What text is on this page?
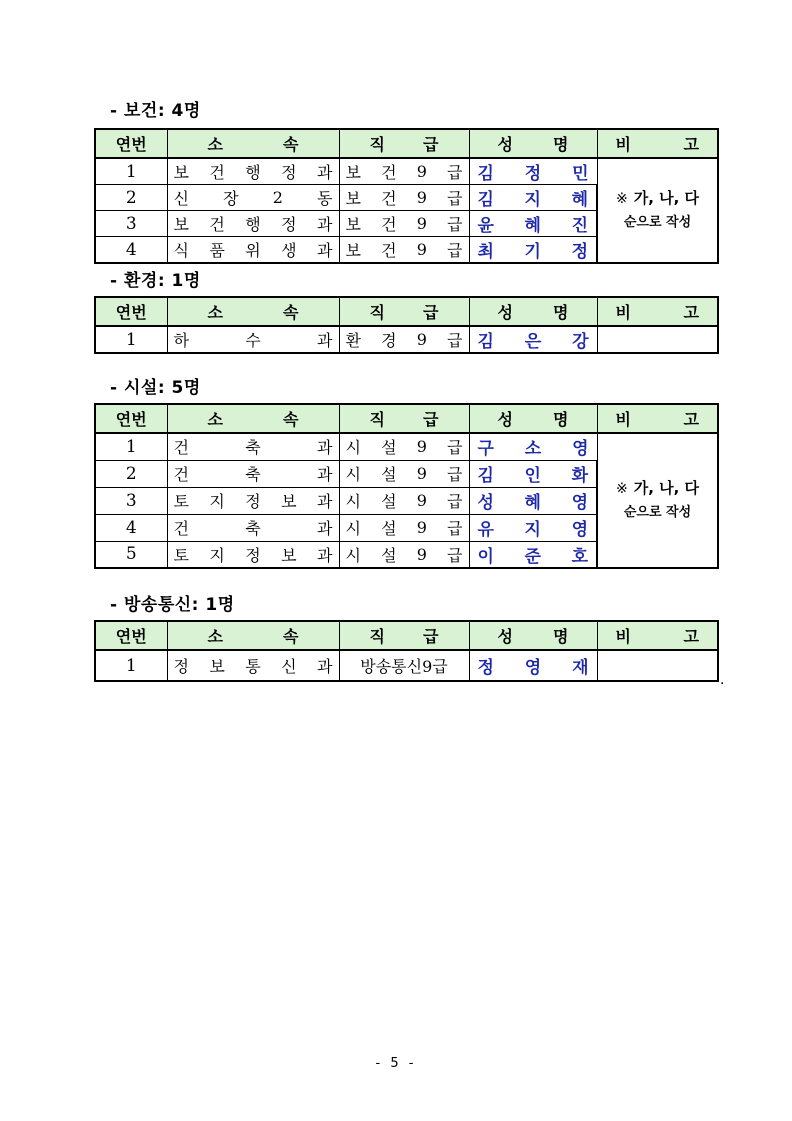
- 보건: 4명
연번	소 속	직 급	성 명	비 고

1	보 건 행 정 과	보 건 9 급	김 정 민	※ 가, 나, 다
순으로 작성

2	신 장 2 동	보 건 9 급	김 지 혜	

3	보 건 행 정 과	보 건 9 급	윤 혜 진	

4	식 품 위 생 과	보 건 9 급	최 기 정	
- 환경: 1명
연번	소 속	직 급	성 명	비 고

1	하 수 과	환 경 9 급	김 은 강	

- 시설: 5명
연번	소 속	직 급	성 명	비 고

1	건 축 과	시 설 9 급	구 소 영	※ 가, 나, 다
순으로 작성

2	건 축 과	시 설 9 급	김 인 화	

3	토 지 정 보 과	시 설 9 급	성 혜 영	

4	건 축 과	시 설 9 급	유 지 영	

5	토 지 정 보 과	시 설 9 급	이 준 호	
- 방송통신: 1명
연번	소 속	직 급	성 명	비 고

1	정 보 통 신 과	방송통신9급	정 영 재	

.
- 5 -
